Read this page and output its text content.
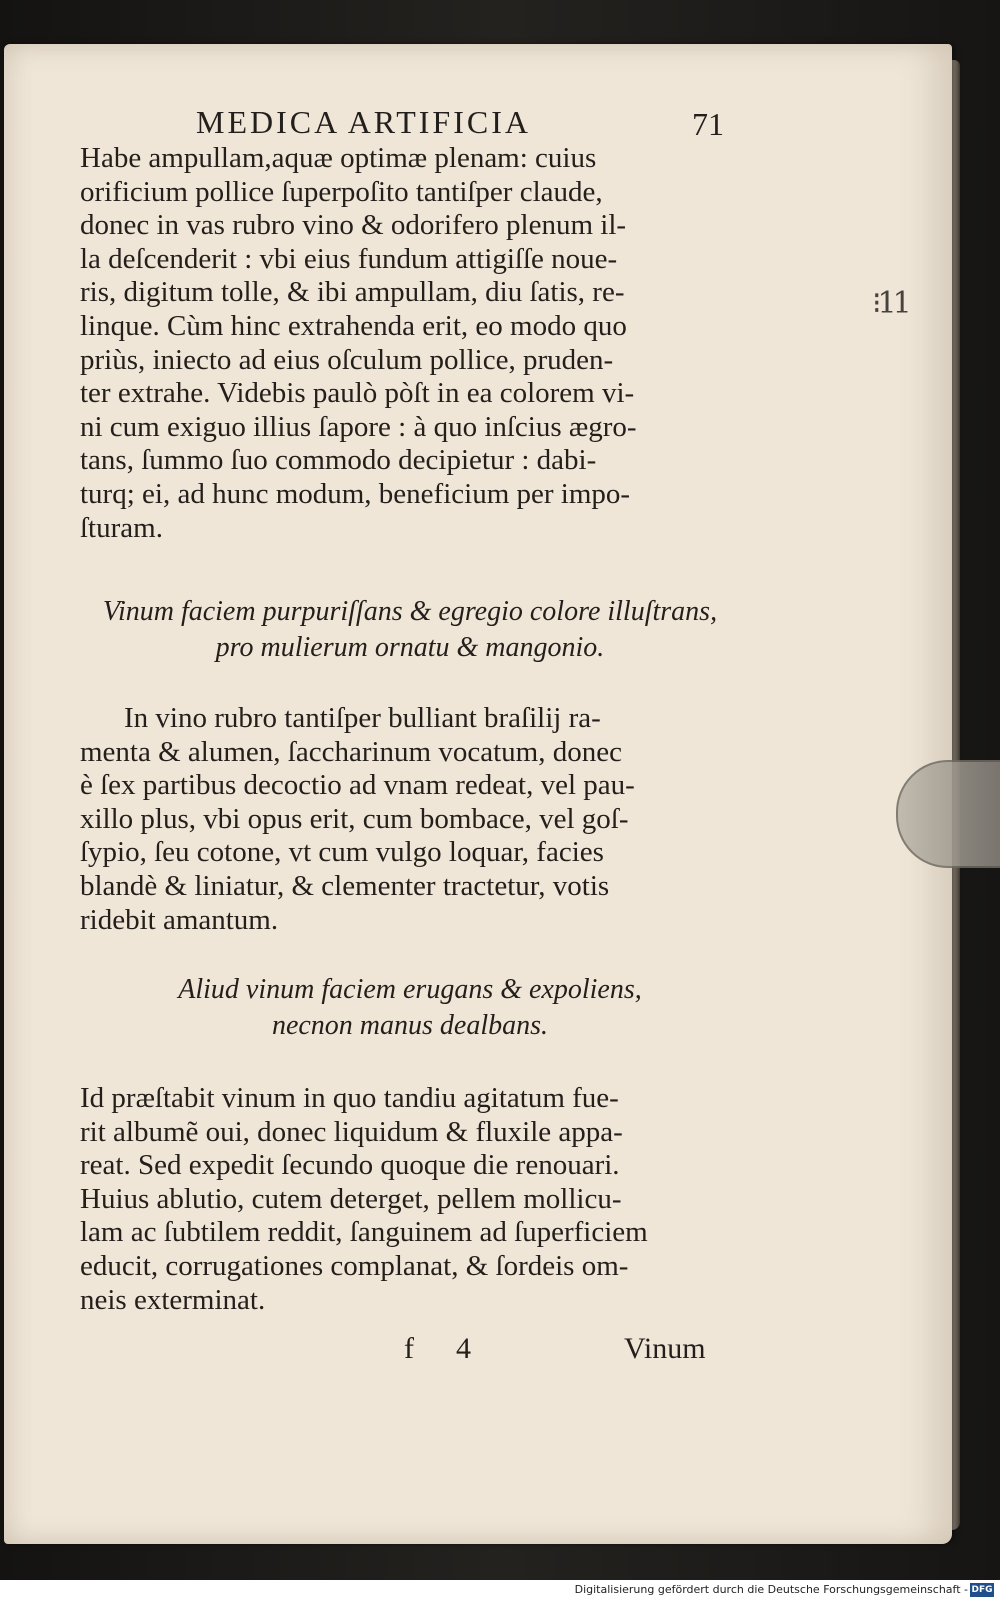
⁝11
MEDICA ARTIFICIA	71
Habe ampullam,aquæ optimæ plenam: cuius
orificium pollice ſuperpoſito tantiſper claude,
donec in vas rubro vino & odorifero plenum il-
la deſcenderit : vbi eius fundum attigiſſe noue-
ris, digitum tolle, & ibi ampullam, diu ſatis, re-
linque. Cùm hinc extrahenda erit, eo modo quo
priùs, iniecto ad eius oſculum pollice, pruden-
ter extrahe. Videbis paulò pòſt in ea colorem vi-
ni cum exiguo illius ſapore : à quo inſcius ægro-
tans, ſummo ſuo commodo decipietur : dabi-
turq; ei, ad hunc modum, beneficium per impo-
ſturam.
Vinum faciem purpuriſſans & egregio colore illuſtrans,
pro mulierum ornatu & mangonio.
In vino rubro tantiſper bulliant braſilij ra-
menta & alumen, ſaccharinum vocatum, donec
è ſex partibus decoctio ad vnam redeat, vel pau-
xillo plus, vbi opus erit, cum bombace, vel goſ-
ſypio, ſeu cotone, vt cum vulgo loquar, facies
blandè & liniatur, & clementer tractetur, votis
ridebit amantum.
Aliud vinum faciem erugans & expoliens,
necnon manus dealbans.
Id præſtabit vinum in quo tandiu agitatum fue-
rit albumẽ oui, donec liquidum & fluxile appa-
reat. Sed expedit ſecundo quoque die renouari.
Huius ablutio, cutem deterget, pellem mollicu-
lam ac ſubtilem reddit, ſanguinem ad ſuperficiem
educit, corrugationes complanat, & ſordeis om-
neis exterminat.
f 4	Vinum
Digitalisierung gefördert durch die Deutsche Forschungsgemeinschaft - DFG
